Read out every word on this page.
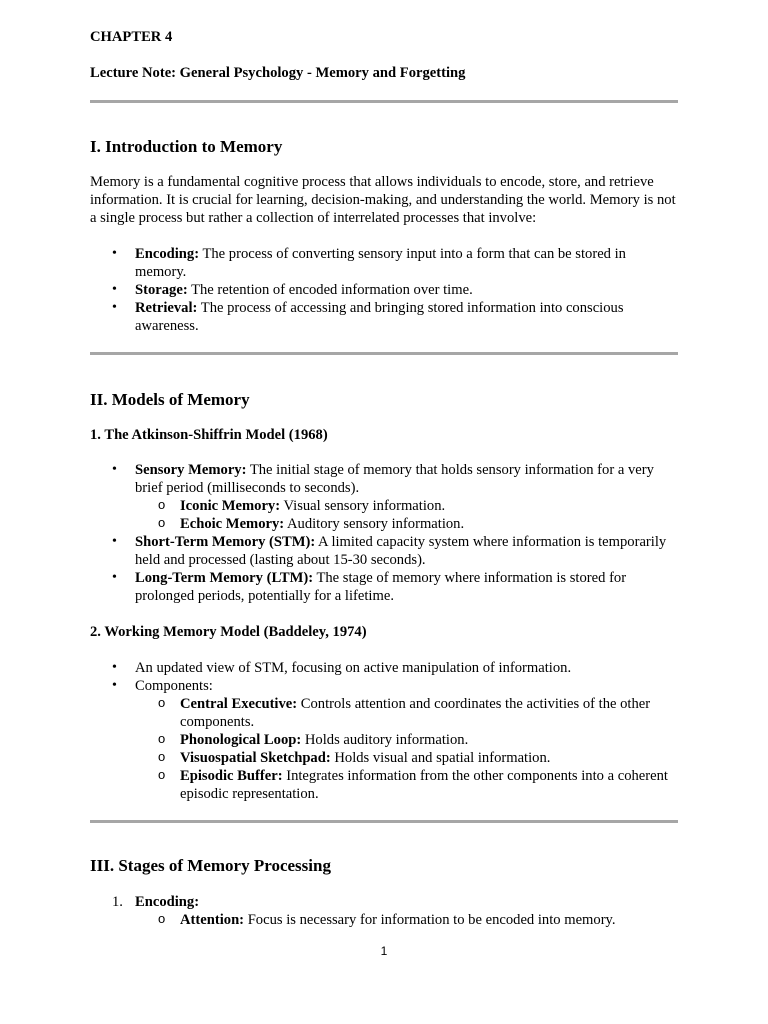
CHAPTER 4

Lecture Note: General Psychology - Memory and Forgetting

I. Introduction to Memory

Memory is a fundamental cognitive process that allows individuals to encode, store, and retrieve information. It is crucial for learning, decision-making, and understanding the world. Memory is not a single process but rather a collection of interrelated processes that involve:

• Encoding: The process of converting sensory input into a form that can be stored in memory.
• Storage: The retention of encoded information over time.
• Retrieval: The process of accessing and bringing stored information into conscious awareness.
II. Models of Memory
1. The Atkinson-Shiffrin Model (1968)
• Sensory Memory: The initial stage of memory that holds sensory information for a very brief period (milliseconds to seconds).
o Iconic Memory: Visual sensory information.
o Echoic Memory: Auditory sensory information.
• Short-Term Memory (STM): A limited capacity system where information is temporarily held and processed (lasting about 15-30 seconds).
• Long-Term Memory (LTM): The stage of memory where information is stored for prolonged periods, potentially for a lifetime.
2. Working Memory Model (Baddeley, 1974)
• An updated view of STM, focusing on active manipulation of information.
• Components:
o Central Executive: Controls attention and coordinates the activities of the other components.
o Phonological Loop: Holds auditory information.
o Visuospatial Sketchpad: Holds visual and spatial information.
o Episodic Buffer: Integrates information from the other components into a coherent episodic representation.
III. Stages of Memory Processing
1. Encoding:
o Attention: Focus is necessary for information to be encoded into memory.
1
